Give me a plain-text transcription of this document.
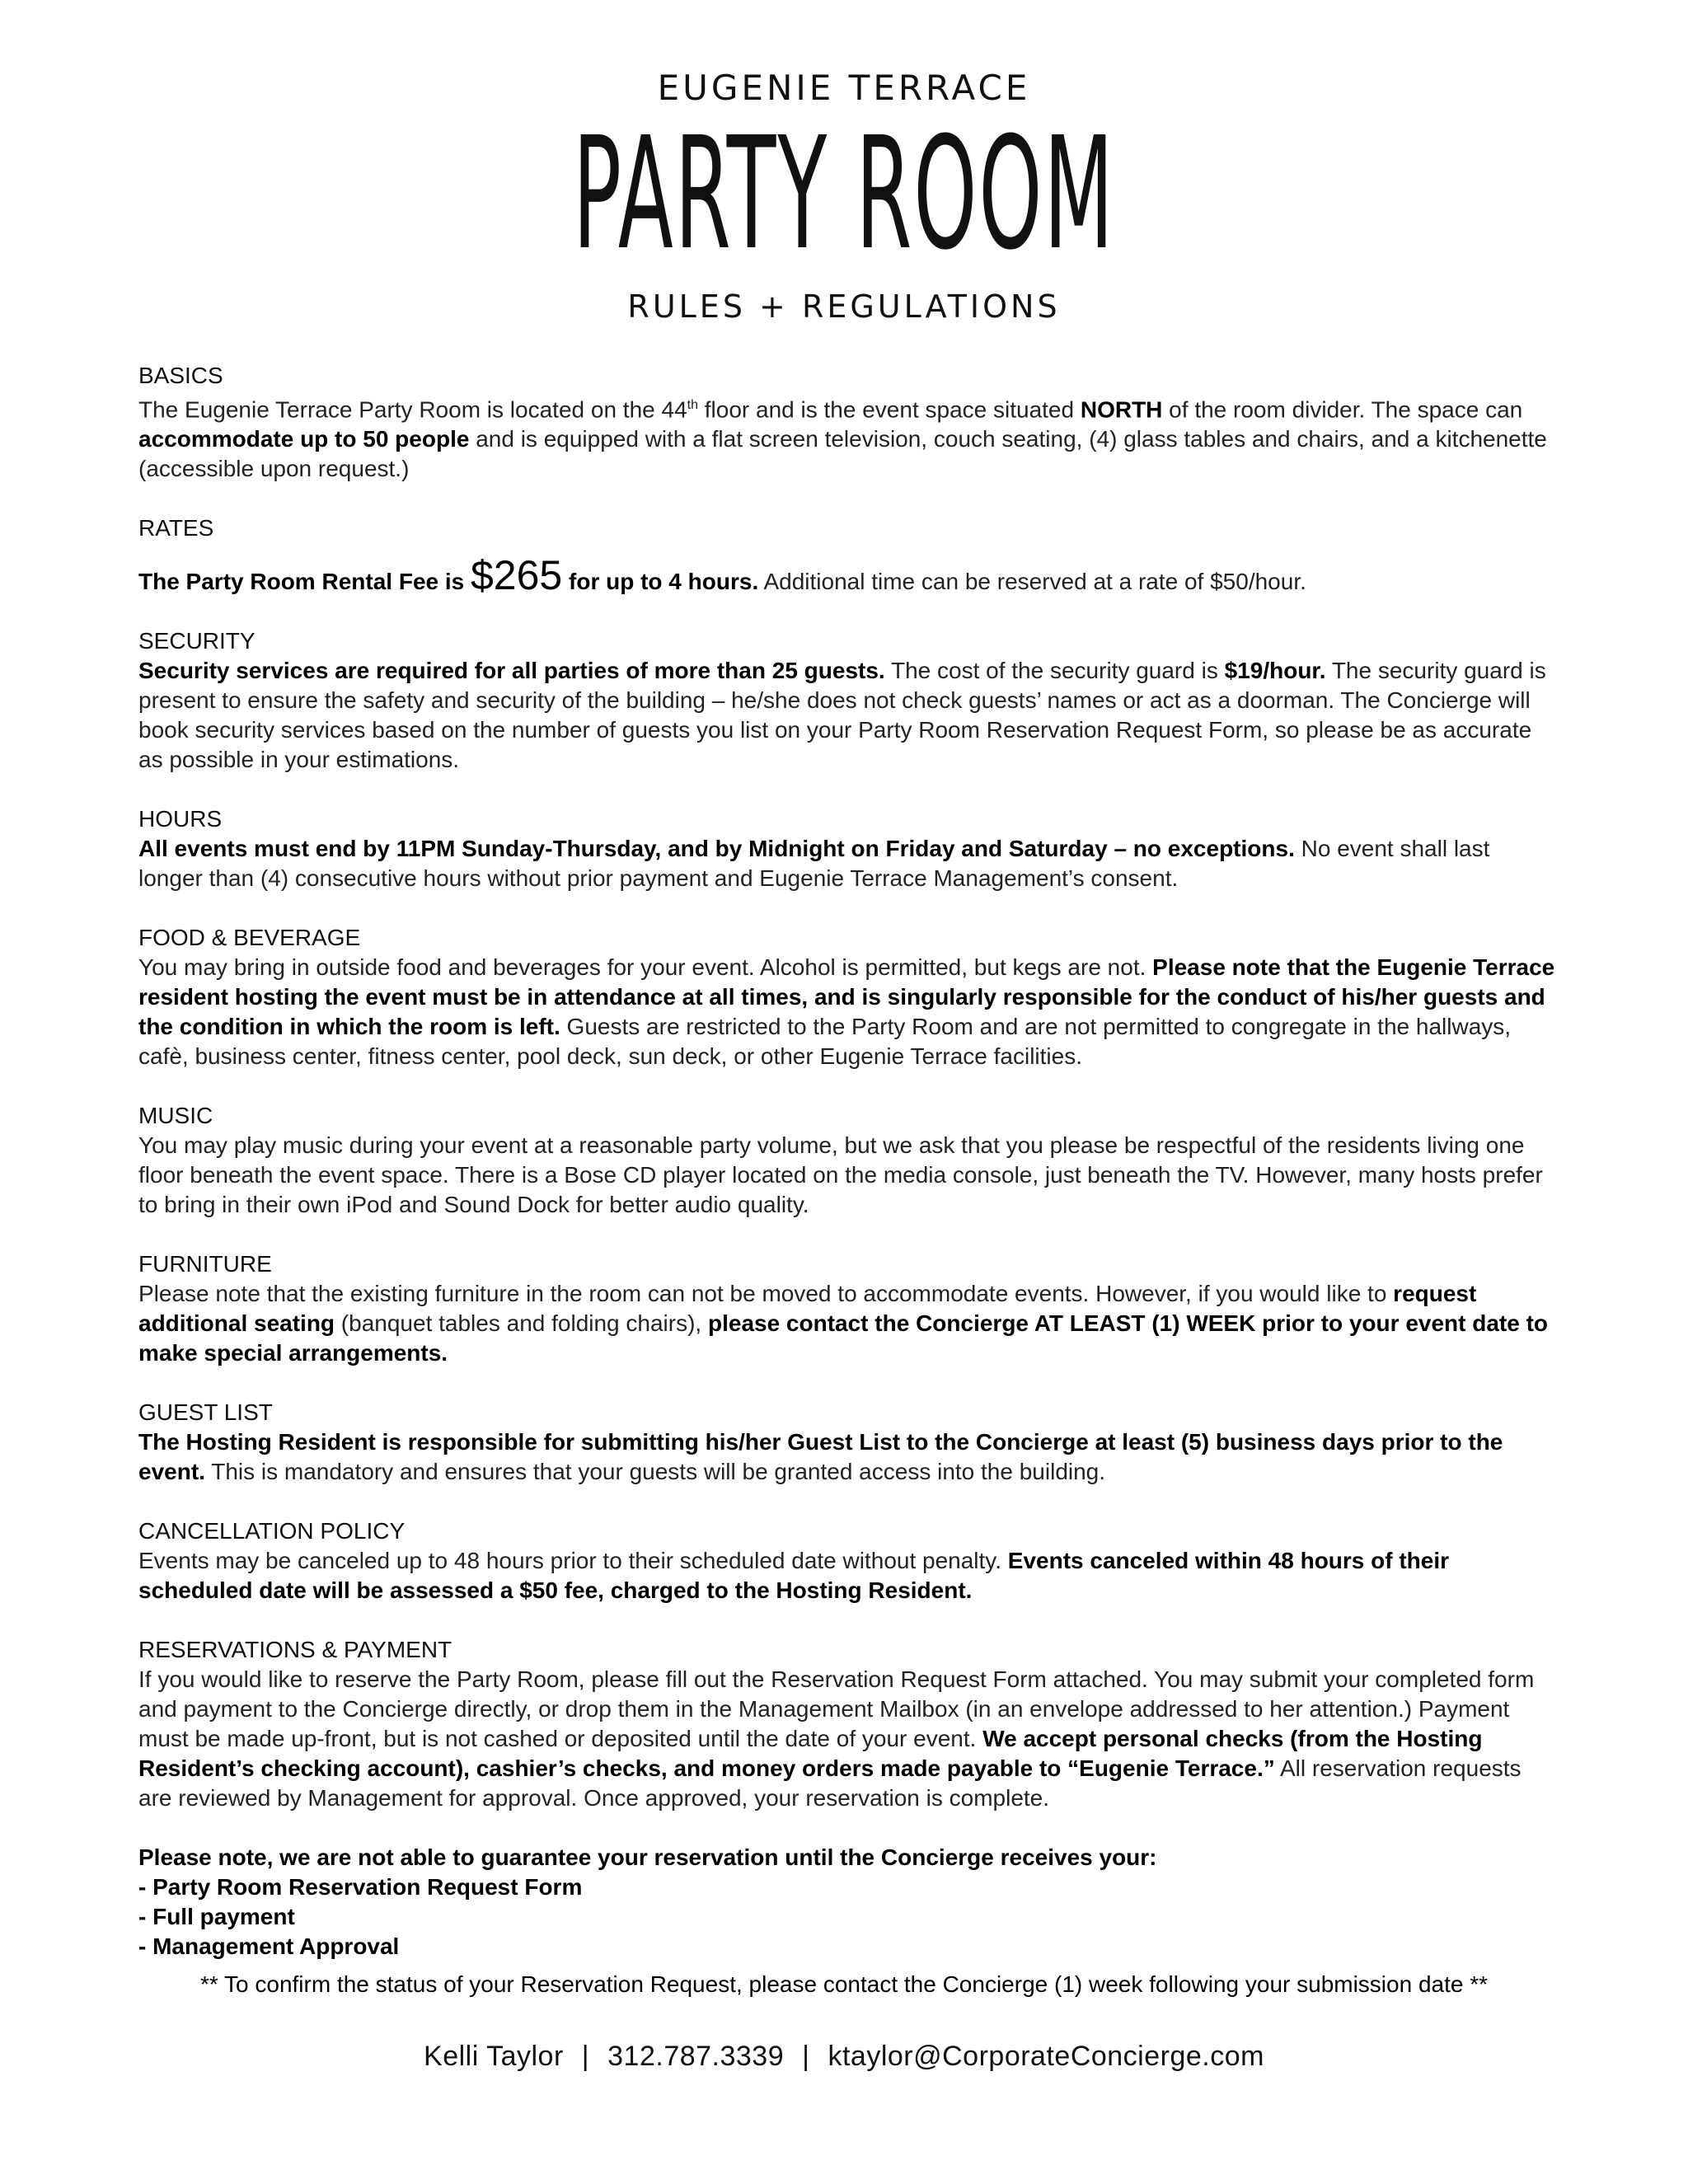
EUGENIE TERRACE
PARTY ROOM
RULES + REGULATIONS

BASICS

The Eugenie Terrace Party Room is located on the 44th floor and is the event space situated NORTH of the room divider. The space can accommodate up to 50 people and is equipped with a flat screen television, couch seating, (4) glass tables and chairs, and a kitchenette (accessible upon request.)

RATES

The Party Room Rental Fee is $265 for up to 4 hours. Additional time can be reserved at a rate of $50/hour.

SECURITY

Security services are required for all parties of more than 25 guests. The cost of the security guard is $19/hour. The security guard is present to ensure the safety and security of the building – he/she does not check guests’ names or act as a doorman. The Concierge will book security services based on the number of guests you list on your Party Room Reservation Request Form, so please be as accurate as possible in your estimations.

HOURS

All events must end by 11PM Sunday-Thursday, and by Midnight on Friday and Saturday – no exceptions. No event shall last longer than (4) consecutive hours without prior payment and Eugenie Terrace Management’s consent.

FOOD & BEVERAGE

You may bring in outside food and beverages for your event. Alcohol is permitted, but kegs are not. Please note that the Eugenie Terrace resident hosting the event must be in attendance at all times, and is singularly responsible for the conduct of his/her guests and the condition in which the room is left. Guests are restricted to the Party Room and are not permitted to congregate in the hallways, cafè, business center, fitness center, pool deck, sun deck, or other Eugenie Terrace facilities.

MUSIC

You may play music during your event at a reasonable party volume, but we ask that you please be respectful of the residents living one floor beneath the event space. There is a Bose CD player located on the media console, just beneath the TV. However, many hosts prefer to bring in their own iPod and Sound Dock for better audio quality.

FURNITURE

Please note that the existing furniture in the room can not be moved to accommodate events. However, if you would like to request additional seating (banquet tables and folding chairs), please contact the Concierge AT LEAST (1) WEEK prior to your event date to make special arrangements.

GUEST LIST

The Hosting Resident is responsible for submitting his/her Guest List to the Concierge at least (5) business days prior to the event. This is mandatory and ensures that your guests will be granted access into the building.

CANCELLATION POLICY

Events may be canceled up to 48 hours prior to their scheduled date without penalty. Events canceled within 48 hours of their scheduled date will be assessed a $50 fee, charged to the Hosting Resident.

RESERVATIONS & PAYMENT

If you would like to reserve the Party Room, please fill out the Reservation Request Form attached. You may submit your completed form and payment to the Concierge directly, or drop them in the Management Mailbox (in an envelope addressed to her attention.) Payment must be made up-front, but is not cashed or deposited until the date of your event. We accept personal checks (from the Hosting Resident’s checking account), cashier’s checks, and money orders made payable to “Eugenie Terrace.” All reservation requests are reviewed by Management for approval. Once approved, your reservation is complete.

Please note, we are not able to guarantee your reservation until the Concierge receives your:

- Party Room Reservation Request Form

- Full payment

- Management Approval

** To confirm the status of your Reservation Request, please contact the Concierge (1) week following your submission date **
Kelli Taylor | 312.787.3339 | ktaylor@CorporateConcierge.com
